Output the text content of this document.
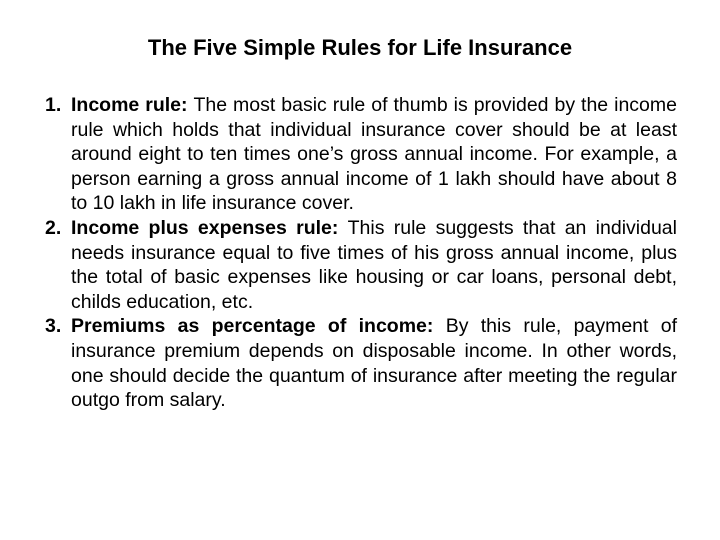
The Five Simple Rules for Life Insurance
1. Income rule: The most basic rule of thumb is provided by the income rule which holds that individual insurance cover should be at least around eight to ten times one’s gross annual income. For example, a person earning a gross annual income of 1 lakh should have about 8 to 10 lakh in life insurance cover.
2. Income plus expenses rule: This rule suggests that an individual needs insurance equal to five times of his gross annual income, plus the total of basic expenses like housing or car loans, personal debt, childs education, etc.
3. Premiums as percentage of income: By this rule, payment of insurance premium depends on disposable income. In other words, one should decide the quantum of insurance after meeting the regular outgo from salary.
